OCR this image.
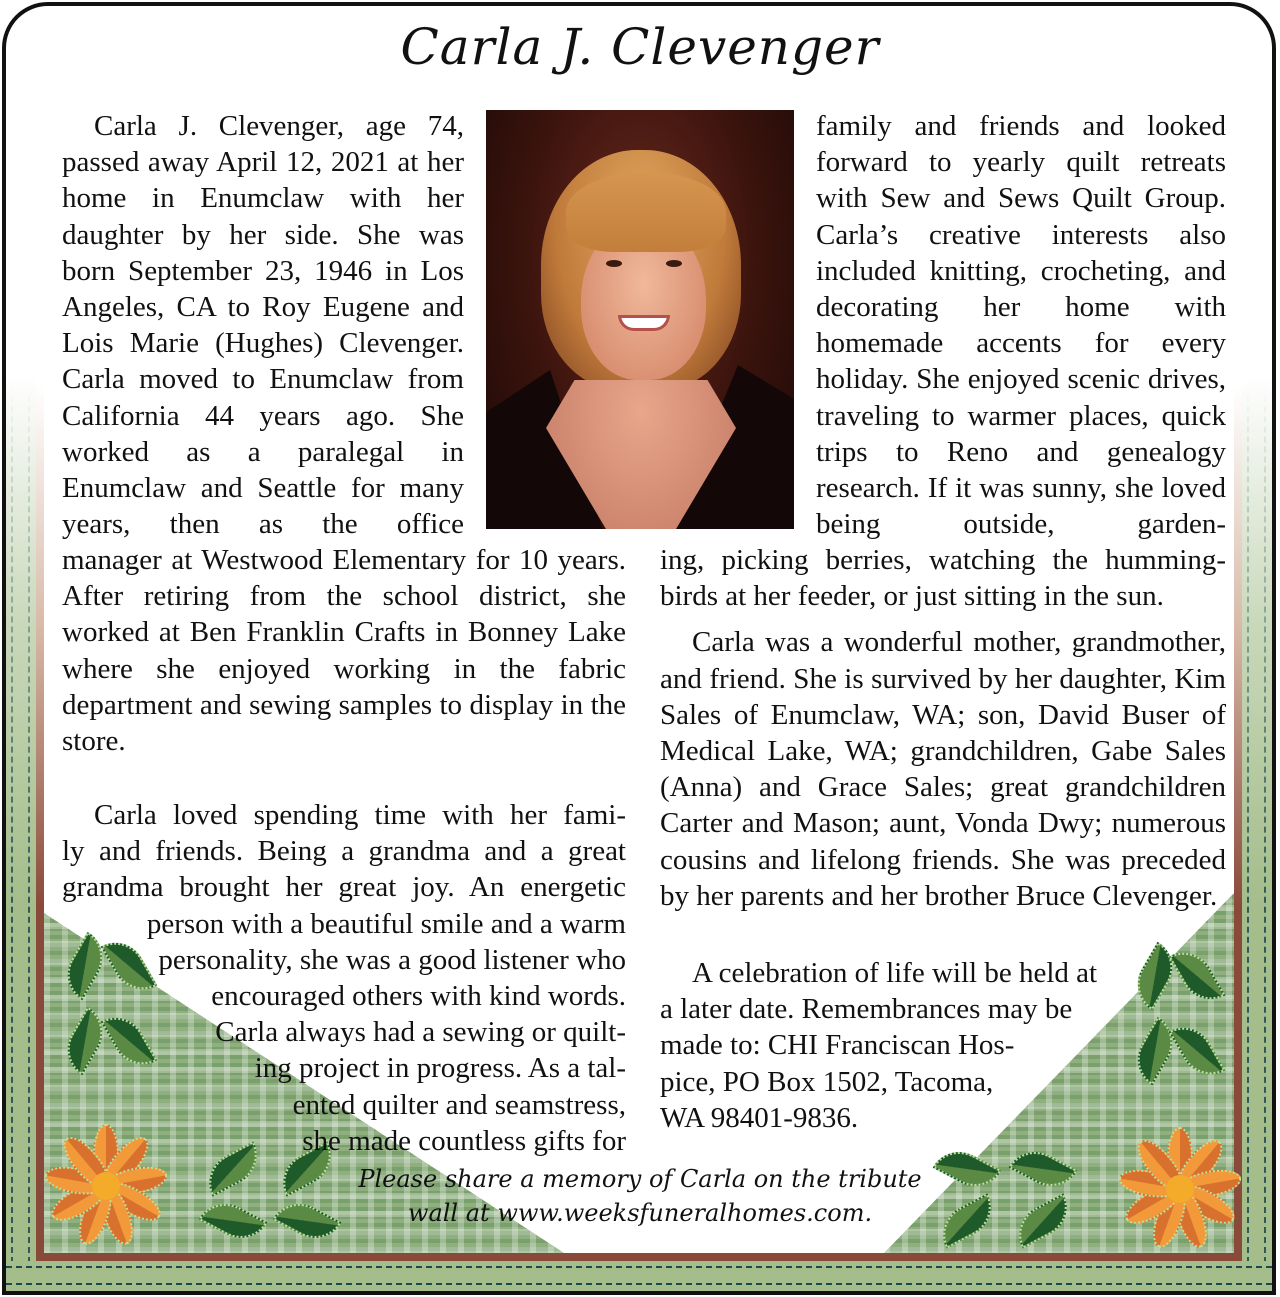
Carla J. Clevenger

Carla J. Clevenger, age 74, passed away April 12, 2021 at her home in Enumclaw with her daughter by her side. She was born September 23, 1946 in Los Angeles, CA to Roy Eugene and Lois Marie (Hughes) Clevenger. Carla moved to Enumclaw from California 44 years ago. She worked as a paralegal in Enumclaw and Seattle for many years, then as the office

manager at Westwood Elementary for 10 years. After retiring from the school district, she worked at Ben Franklin Crafts in Bonney Lake where she enjoyed working in the fabric department and sewing samples to display in the store.

Carla loved spending time with her fami-
ly and friends. Being a grandma and a great
grandma brought her great joy. An energetic
person with a beautiful smile and a warm
personality, she was a good listener who
encouraged others with kind words.
Carla always had a sewing or quilt-
ing project in progress. As a tal-
ented quilter and seamstress,
she made countless gifts for

family and friends and looked forward to yearly quilt retreats with Sew and Sews Quilt Group. Carla’s creative interests also included knitting, crocheting, and decorating her home with homemade accents for every holiday. She enjoyed scenic drives, traveling to warmer places, quick trips to Reno and genealogy research. If it was sunny, she loved being outside, garden-

ing, picking berries, watching the humming-birds at her feeder, or just sitting in the sun.

Carla was a wonderful mother, grandmother, and friend. She is survived by her daughter, Kim Sales of Enumclaw, WA; son, David Buser of Medical Lake, WA; grandchildren, Gabe Sales (Anna) and Grace Sales; great grandchildren Carter and Mason; aunt, Vonda Dwy; numerous cousins and lifelong friends. She was preceded by her parents and her brother Bruce Clevenger.

A celebration of life will be held at
a later date. Remembrances may be
made to: CHI Franciscan Hos-
pice, PO Box 1502, Tacoma,
WA 98401-9836.
Please share a memory of Carla on the tribute
wall at www.weeksfuneralhomes.com.
